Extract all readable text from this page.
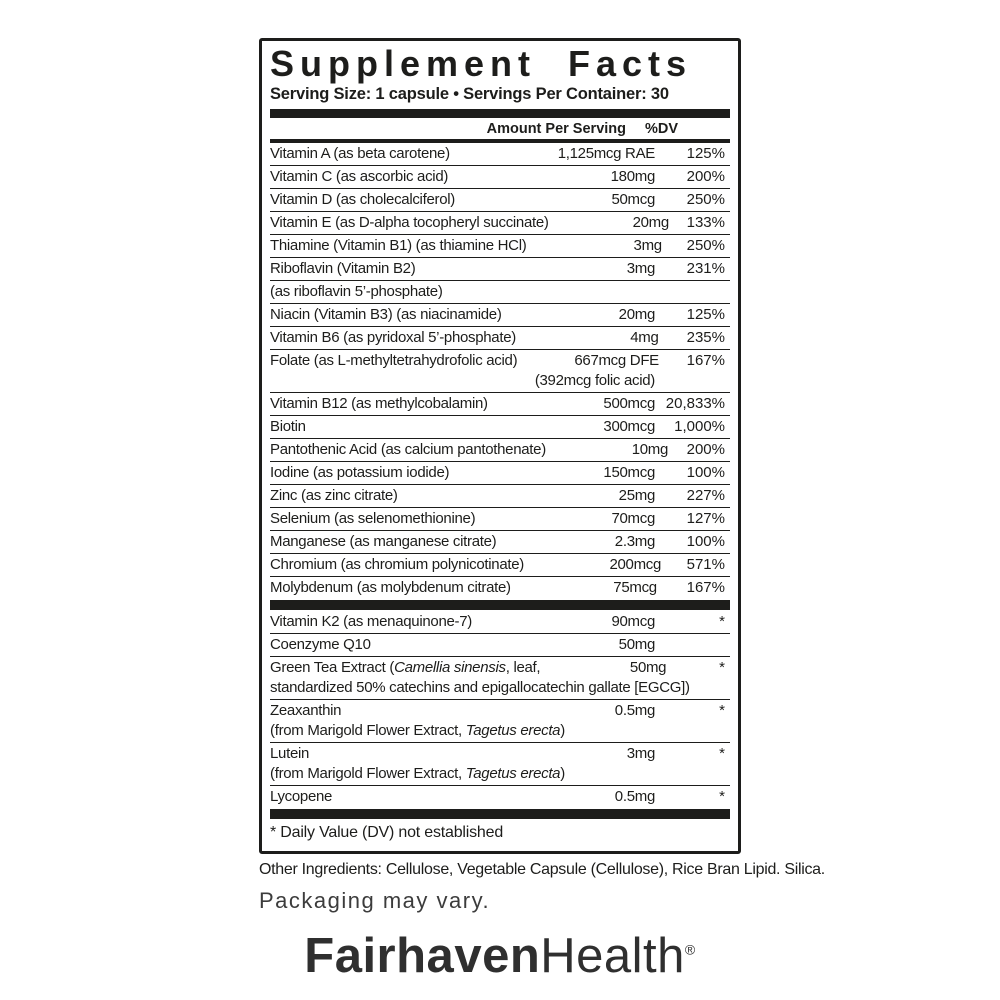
Supplement Facts
Serving Size: 1 capsule • Servings Per Container: 30
Amount Per Serving %DV
Vitamin A (as beta carotene)	1,125mcg RAE	125%
Vitamin C (as ascorbic acid)	180mg	200%
Vitamin D (as cholecalciferol)	50mcg	250%
Vitamin E (as D-alpha tocopheryl succinate)	20mg	133%
Thiamine (Vitamin B1) (as thiamine HCl)	3mg	250%
Riboflavin (Vitamin B2)	3mg	231%
(as riboflavin 5’-phosphate)
Niacin (Vitamin B3) (as niacinamide)	20mg	125%
Vitamin B6 (as pyridoxal 5’-phosphate)	4mg	235%
Folate (as L-methyltetrahydrofolic acid)	667mcg DFE	167%
(392mcg folic acid)
Vitamin B12 (as methylcobalamin)	500mcg 20,833%
Biotin	300mcg	1,000%
Pantothenic Acid (as calcium pantothenate)	10mg	200%
Iodine (as potassium iodide)	150mcg	100%
Zinc (as zinc citrate)	25mg	227%
Selenium (as selenomethionine)	70mcg	127%
Manganese (as manganese citrate)	2.3mg	100%
Chromium (as chromium polynicotinate)	200mcg	571%
Molybdenum (as molybdenum citrate)	75mcg	167%
Vitamin K2 (as menaquinone-7)	90mcg	*
Coenzyme Q10	50mg
Green Tea Extract (Camellia sinensis, leaf,	50mg	*
standardized 50% catechins and epigallocatechin gallate [EGCG])
Zeaxanthin	0.5mg	*
(from Marigold Flower Extract, Tagetus erecta)
Lutein	3mg	*
(from Marigold Flower Extract, Tagetus erecta)
Lycopene	0.5mg	*
* Daily Value (DV) not established
Other Ingredients: Cellulose, Vegetable Capsule (Cellulose), Rice Bran Lipid. Silica.
Packaging may vary.
FairhavenHealth®
